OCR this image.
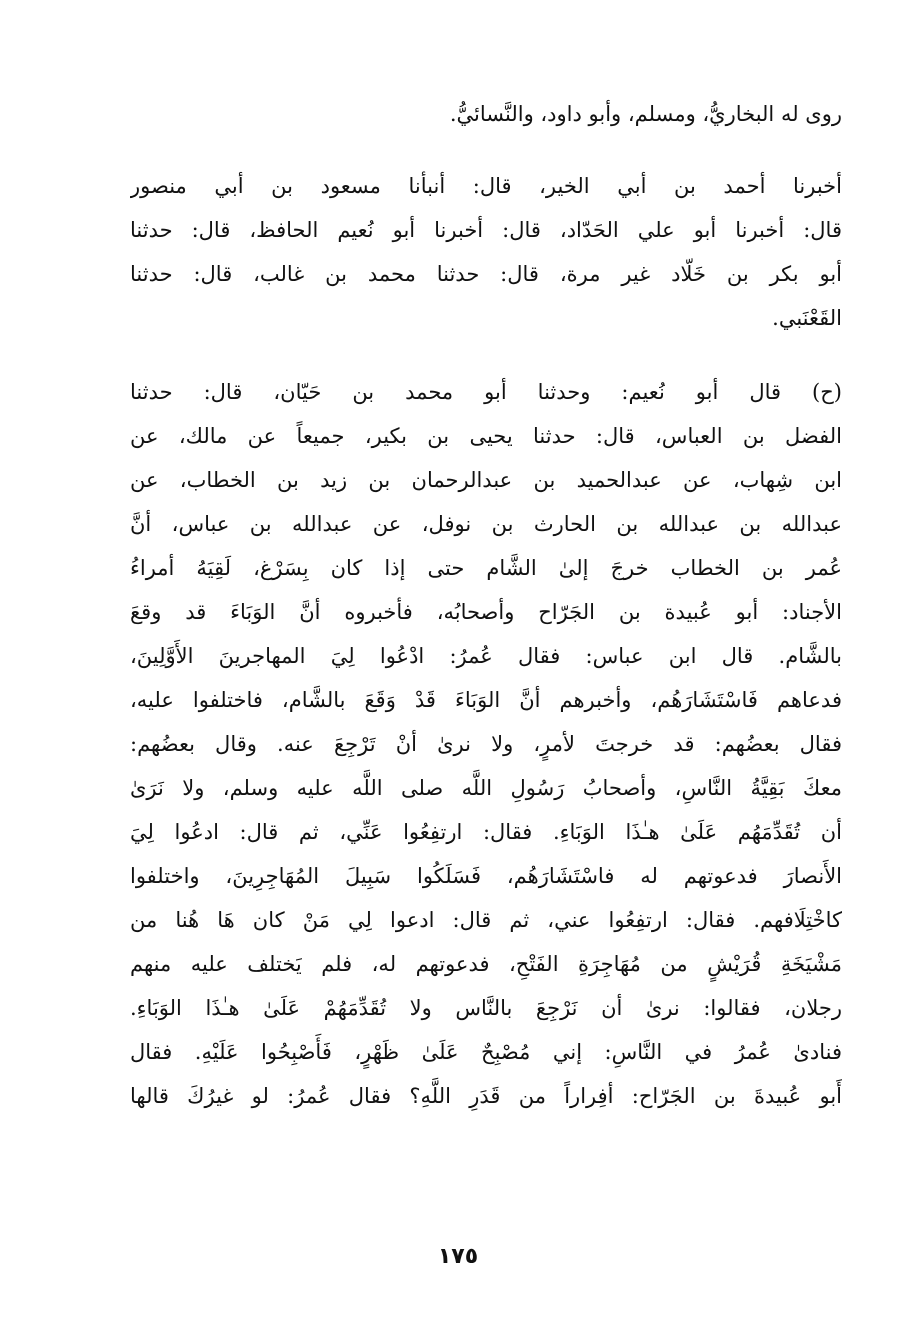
روى له البخاريُّ، ومسلم، وأبو داود، والنَّسائيُّ.
أخبرنا أحمد بن أبي الخير، قال: أنبأنا مسعود بن أبي منصور
قال: أخبرنا أبو علي الحَدّاد، قال: أخبرنا أبو نُعيم الحافظ، قال: حدثنا
أبو بكر بن خَلّاد غير مرة، قال: حدثنا محمد بن غالب، قال: حدثنا
القَعْنَبي.
(ح) قال أبو نُعيم: وحدثنا أبو محمد بن حَيّان، قال: حدثنا
الفضل بن العباس، قال: حدثنا يحيى بن بكير، جميعاً عن مالك، عن
ابن شِهاب، عن عبدالحميد بن عبدالرحمان بن زيد بن الخطاب، عن
عبدالله بن عبدالله بن الحارث بن نوفل، عن عبدالله بن عباس، أنَّ
عُمر بن الخطاب خرجَ إلىٰ الشَّام حتى إذا كان بِسَرْغ، لَقِيَهُ أمراءُ
الأجناد: أبو عُبيدة بن الجَرّاح وأصحابُه، فأخبروه أنَّ الوَبَاءَ قد وقعَ
بالشَّام. قال ابن عباس: فقال عُمرُ: ادْعُوا لِيَ المهاجرينَ الأَوَّلِينَ،
فدعاهم فَاسْتَشَارَهُم، وأخبرهم أنَّ الوَبَاءَ قَدْ وَقَعَ بالشَّام، فاختلفوا عليه،
فقال بعضُهم: قد خرجتَ لأمرٍ، ولا نرىٰ أنْ تَرْجِعَ عنه. وقال بعضُهم:
معكَ بَقِيَّةُ النَّاسِ، وأصحابُ رَسُولِ اللَّه صلى اللَّه عليه وسلم، ولا نَرَىٰ
أن تُقَدِّمَهُم عَلَىٰ هـٰذَا الوَبَاءِ. فقال: ارتفِعُوا عَنِّي، ثم قال: ادعُوا لِيَ
الأَنصارَ فدعوتهم له فاسْتَشَارَهُم، فَسَلَكُوا سَبِيلَ المُهَاجِرِينَ، واختلفوا
كاخْتِلَافهم. فقال: ارتفِعُوا عني، ثم قال: ادعوا لِي مَنْ كان هَا هُنا من
مَشْيَخَةِ قُرَيْشٍ من مُهَاجِرَةِ الفَتْحِ، فدعوتهم له، فلم يَختلف عليه منهم
رجلان، فقالوا: نرىٰ أن نَرْجِعَ بالنَّاس ولا تُقَدِّمَهُمْ عَلَىٰ هـٰذَا الوَبَاءِ.
فنادىٰ عُمرُ في النَّاسِ: إني مُصْبِحٌ عَلَىٰ ظَهْرٍ، فَأَصْبِحُوا عَلَيْهِ. فقال
أَبو عُبيدةَ بن الجَرّاح: أفِراراً من قَدَرِ اللَّهِ؟ فقال عُمرُ: لو غيرُكَ قالها
١٧٥
